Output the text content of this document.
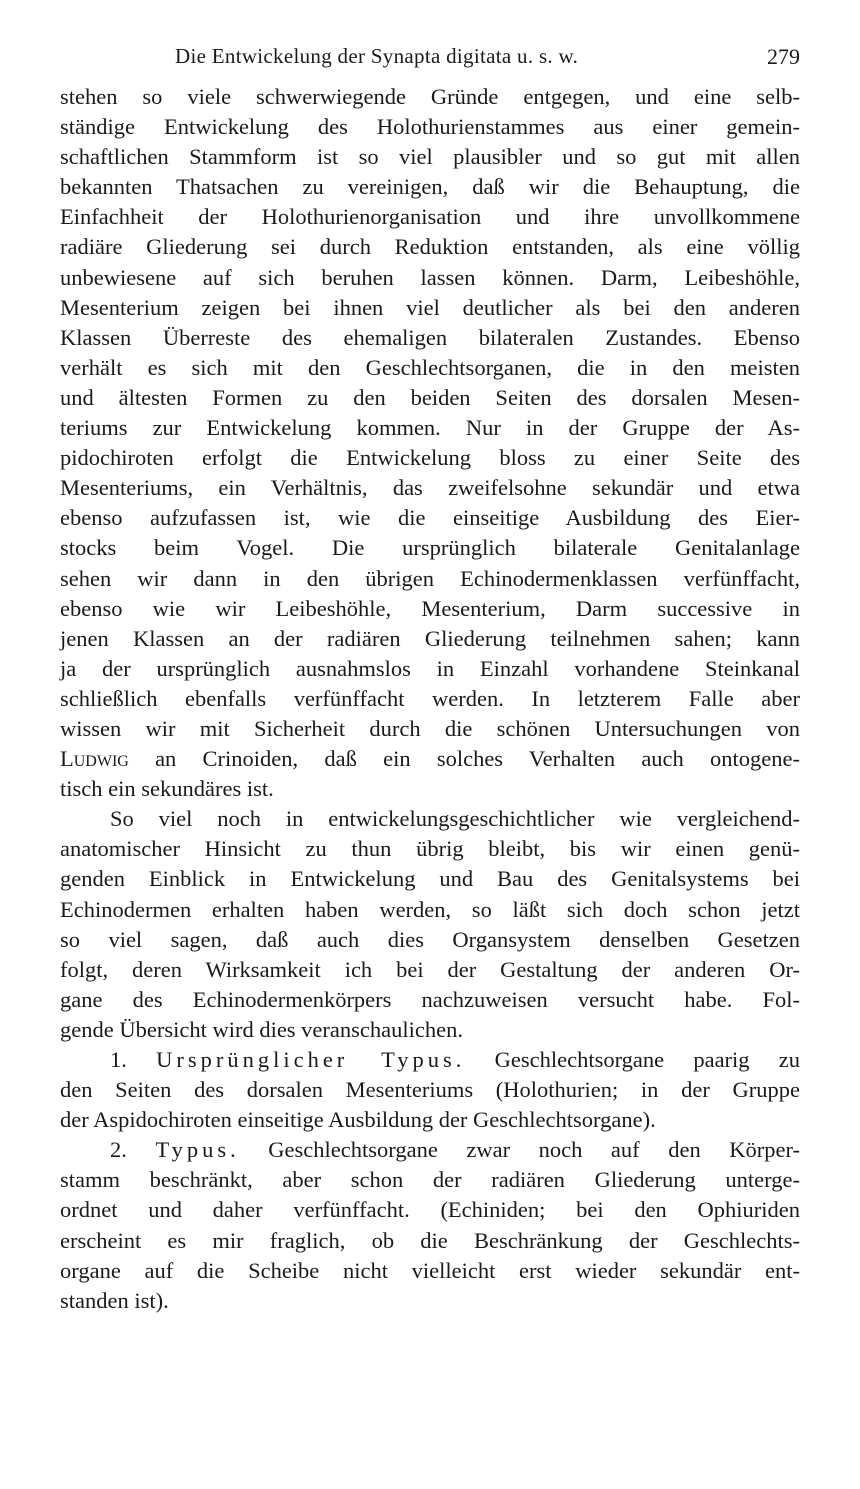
Die Entwickelung der Synapta digitata u. s. w.	279
stehen so viele schwerwiegende Gründe entgegen, und eine selb-
ständige Entwickelung des Holothurienstammes aus einer gemein-
schaftlichen Stammform ist so viel plausibler und so gut mit allen
bekannten Thatsachen zu vereinigen, daß wir die Behauptung, die
Einfachheit der Holothurienorganisation und ihre unvollkommene
radiäre Gliederung sei durch Reduktion entstanden, als eine völlig
unbewiesene auf sich beruhen lassen können. Darm, Leibeshöhle,
Mesenterium zeigen bei ihnen viel deutlicher als bei den anderen
Klassen Überreste des ehemaligen bilateralen Zustandes. Ebenso
verhält es sich mit den Geschlechtsorganen, die in den meisten
und ältesten Formen zu den beiden Seiten des dorsalen Mesen-
teriums zur Entwickelung kommen. Nur in der Gruppe der As-
pidochiroten erfolgt die Entwickelung bloss zu einer Seite des
Mesenteriums, ein Verhältnis, das zweifelsohne sekundär und etwa
ebenso aufzufassen ist, wie die einseitige Ausbildung des Eier-
stocks beim Vogel. Die ursprünglich bilaterale Genitalanlage
sehen wir dann in den übrigen Echinodermenklassen verfünffacht,
ebenso wie wir Leibeshöhle, Mesenterium, Darm successive in
jenen Klassen an der radiären Gliederung teilnehmen sahen; kann
ja der ursprünglich ausnahmslos in Einzahl vorhandene Steinkanal
schließlich ebenfalls verfünffacht werden. In letzterem Falle aber
wissen wir mit Sicherheit durch die schönen Untersuchungen von
Ludwig an Crinoiden, daß ein solches Verhalten auch ontogene-
tisch ein sekundäres ist.
So viel noch in entwickelungsgeschichtlicher wie vergleichend-
anatomischer Hinsicht zu thun übrig bleibt, bis wir einen genü-
genden Einblick in Entwickelung und Bau des Genitalsystems bei
Echinodermen erhalten haben werden, so läßt sich doch schon jetzt
so viel sagen, daß auch dies Organsystem denselben Gesetzen
folgt, deren Wirksamkeit ich bei der Gestaltung der anderen Or-
gane des Echinodermenkörpers nachzuweisen versucht habe. Fol-
gende Übersicht wird dies veranschaulichen.
1. Ursprünglicher Typus. Geschlechtsorgane paarig zu
den Seiten des dorsalen Mesenteriums (Holothurien; in der Gruppe
der Aspidochiroten einseitige Ausbildung der Geschlechtsorgane).
2. Typus. Geschlechtsorgane zwar noch auf den Körper-
stamm beschränkt, aber schon der radiären Gliederung unterge-
ordnet und daher verfünffacht. (Echiniden; bei den Ophiuriden
erscheint es mir fraglich, ob die Beschränkung der Geschlechts-
organe auf die Scheibe nicht vielleicht erst wieder sekundär ent-
standen ist).
